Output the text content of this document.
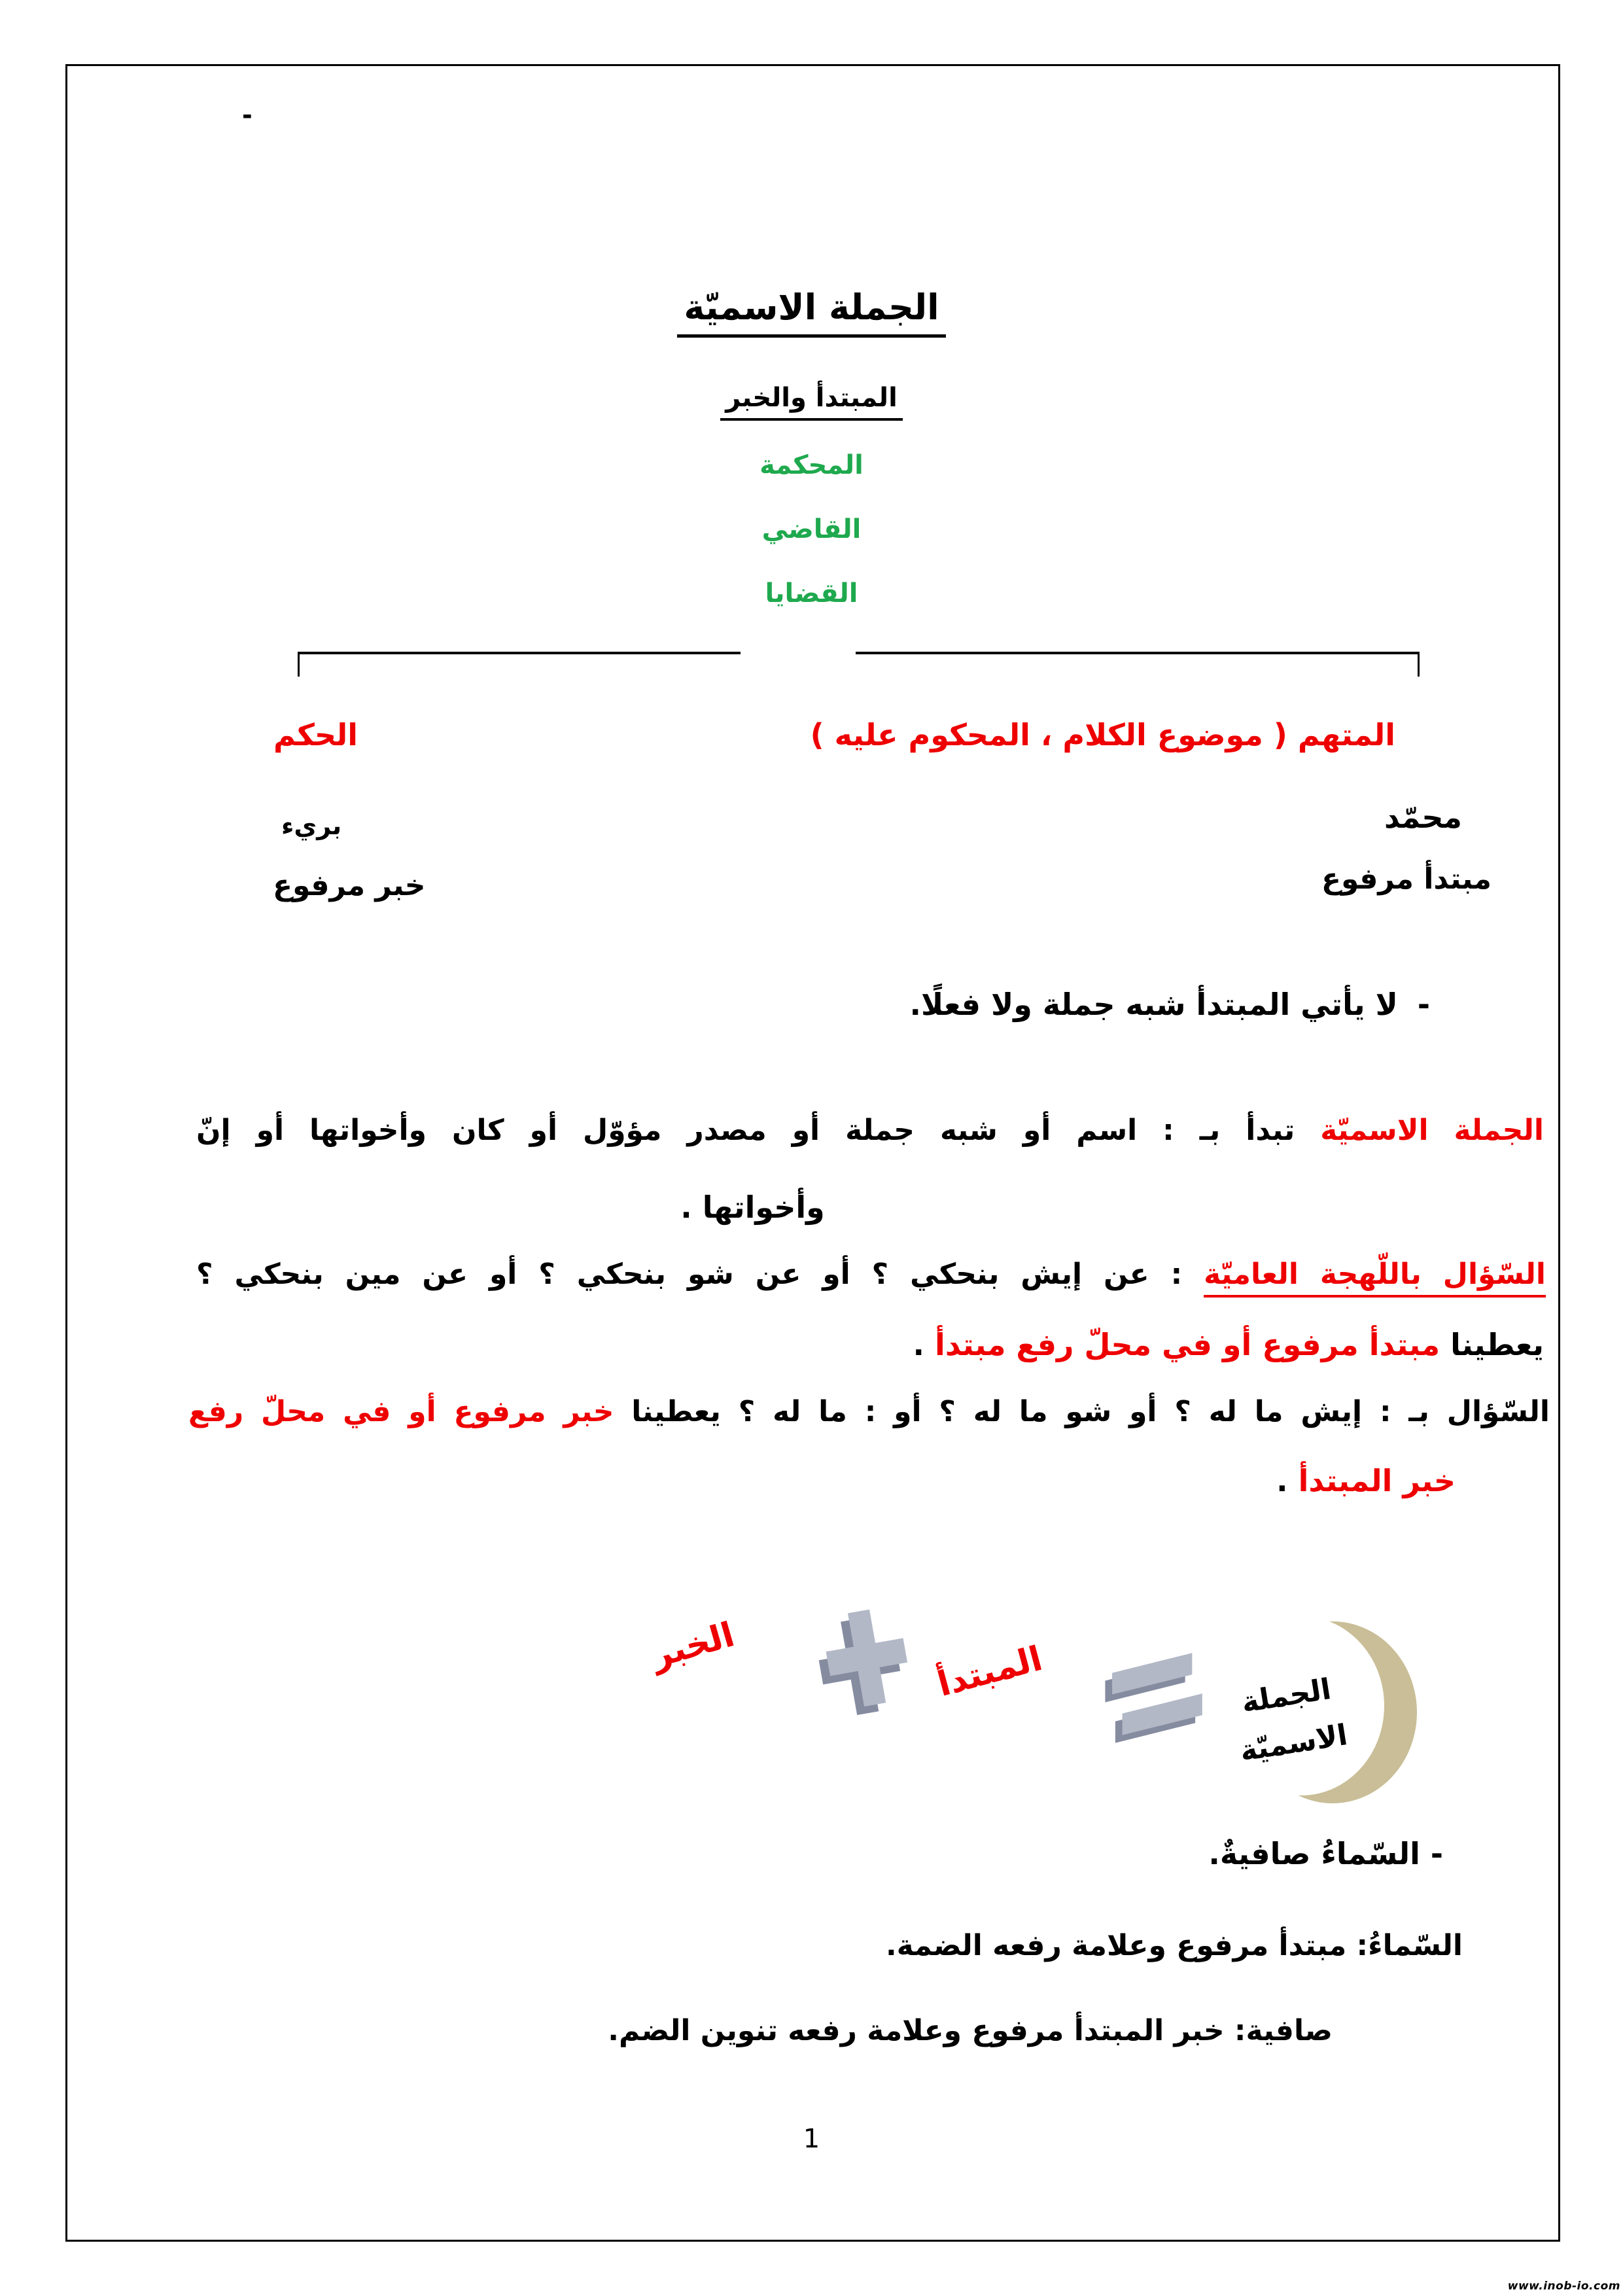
-
الجملة الاسميّة
المبتدأ والخبر
المحكمة
القاضي
القضايا
المتهم ( موضوع الكلام ، المحكوم عليه )
الحكم
محمّد
بريء
مبتدأ مرفوع
خبر مرفوع
-لا يأتي المبتدأ شبه جملة ولا فعلًا.
الجملة الاسميّة تبدأ بـ : اسم أو شبه جملة أو مصدر مؤوّل أو كان وأخواتها أو إنّ
وأخواتها .
السّؤال باللّهجة العاميّة : عن إيش بنحكي ؟ أو عن شو بنحكي ؟ أو عن مين بنحكي ؟
يعطينا مبتدأ مرفوع أو في محلّ رفع مبتدأ .
السّؤال بـ : إيش ما له ؟ أو شو ما له ؟ أو : ما له ؟ يعطينا خبر مرفوع أو في محلّ رفع
خبر المبتدأ .
الخبر	المبتدأ	الجملة
الاسميّة
- السّماءُ صافيةٌ.
السّماءُ: مبتدأ مرفوع وعلامة رفعه الضمة.
صافية: خبر المبتدأ مرفوع وعلامة رفعه تنوين الضم.
1
www.inob-io.com
